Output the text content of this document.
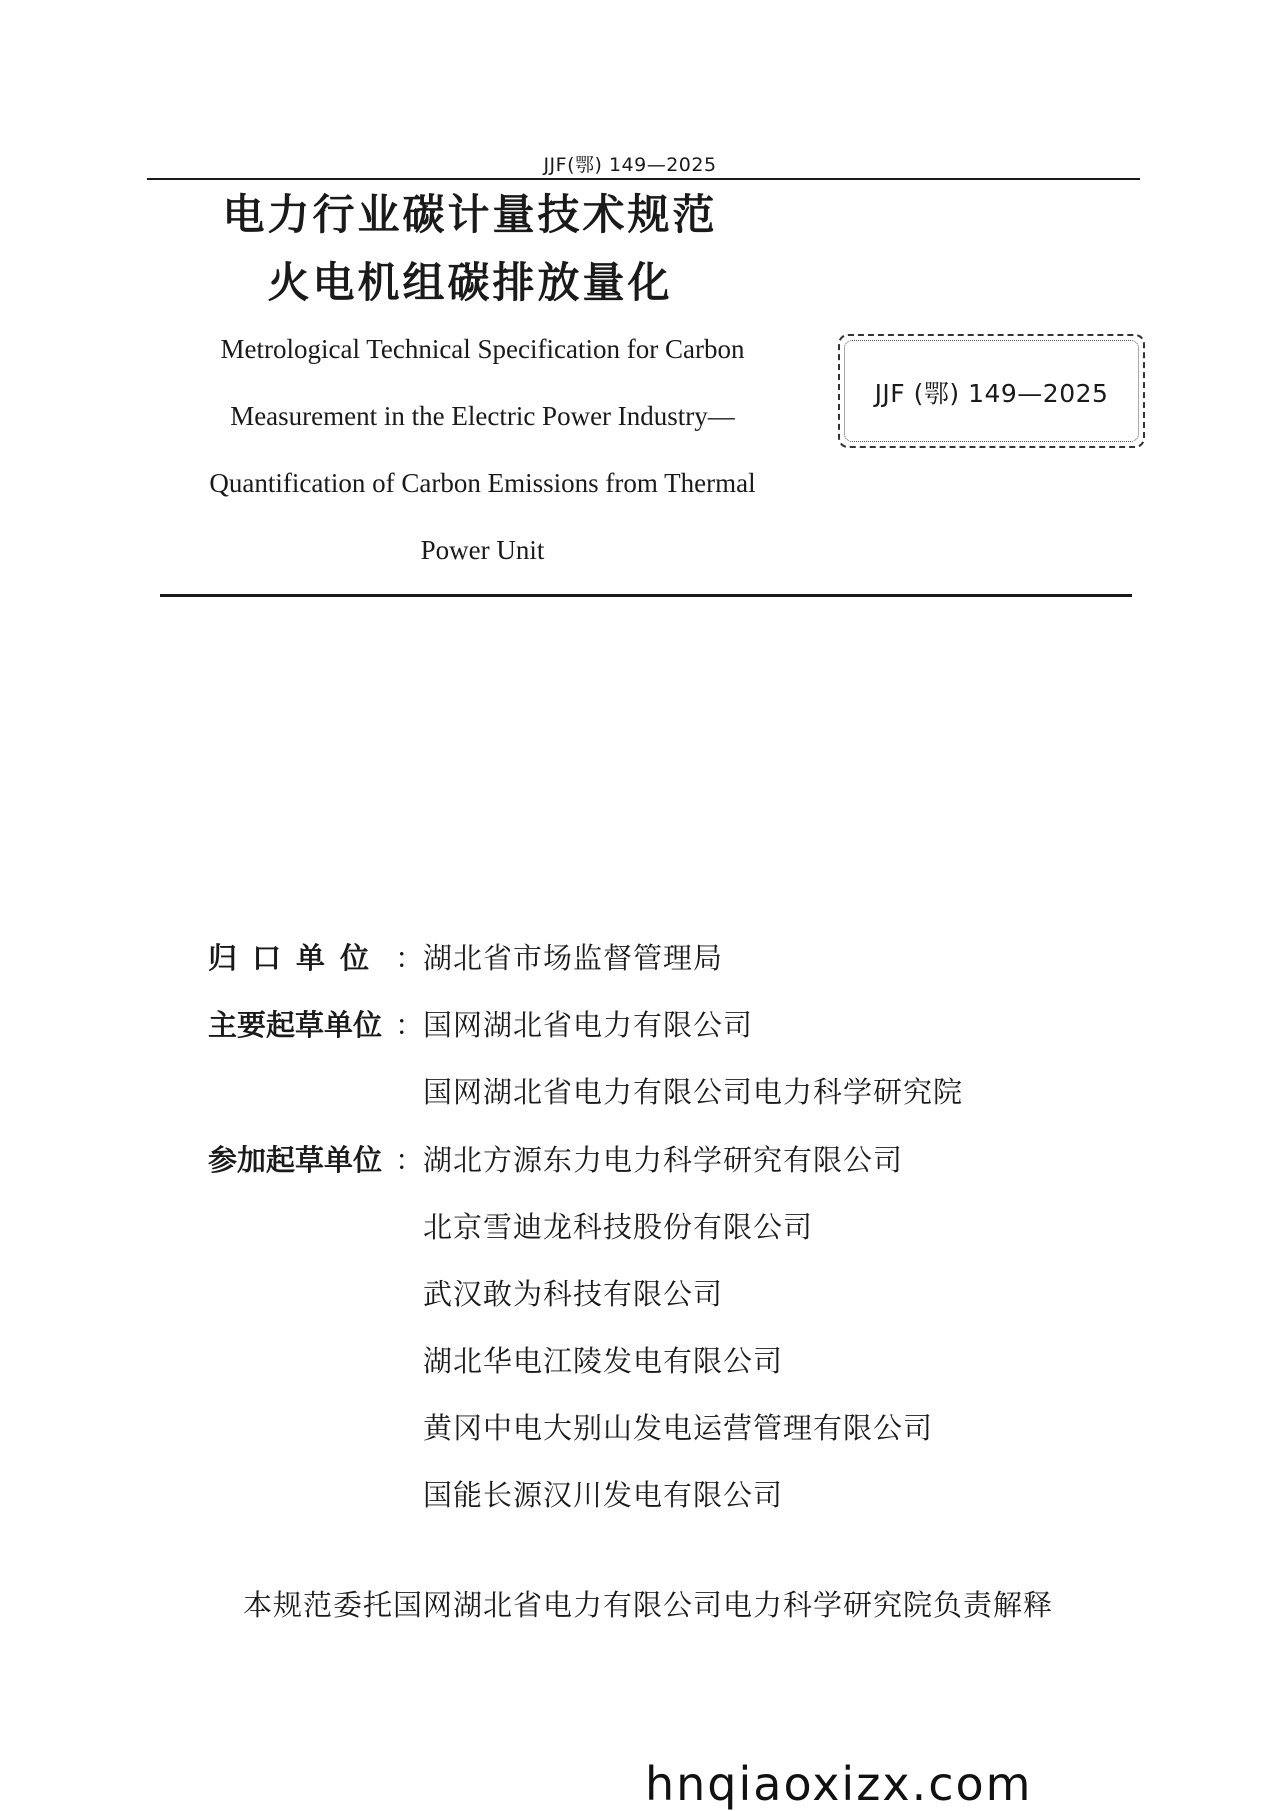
JJF(鄂) 149—2025
电力行业碳计量技术规范
火电机组碳排放量化
Metrological Technical Specification for Carbon
Measurement in the Electric Power Industry—
Quantification of Carbon Emissions from Thermal
Power Unit
JJF (鄂) 149—2025
归口单位 ：
湖北省市场监督管理局
主要起草单位 ：
国网湖北省电力有限公司
国网湖北省电力有限公司电力科学研究院
参加起草单位 ：
湖北方源东力电力科学研究有限公司
北京雪迪龙科技股份有限公司
武汉敢为科技有限公司
湖北华电江陵发电有限公司
黄冈中电大别山发电运营管理有限公司
国能长源汉川发电有限公司
本规范委托国网湖北省电力有限公司电力科学研究院负责解释
hnqiaoxizx.com
